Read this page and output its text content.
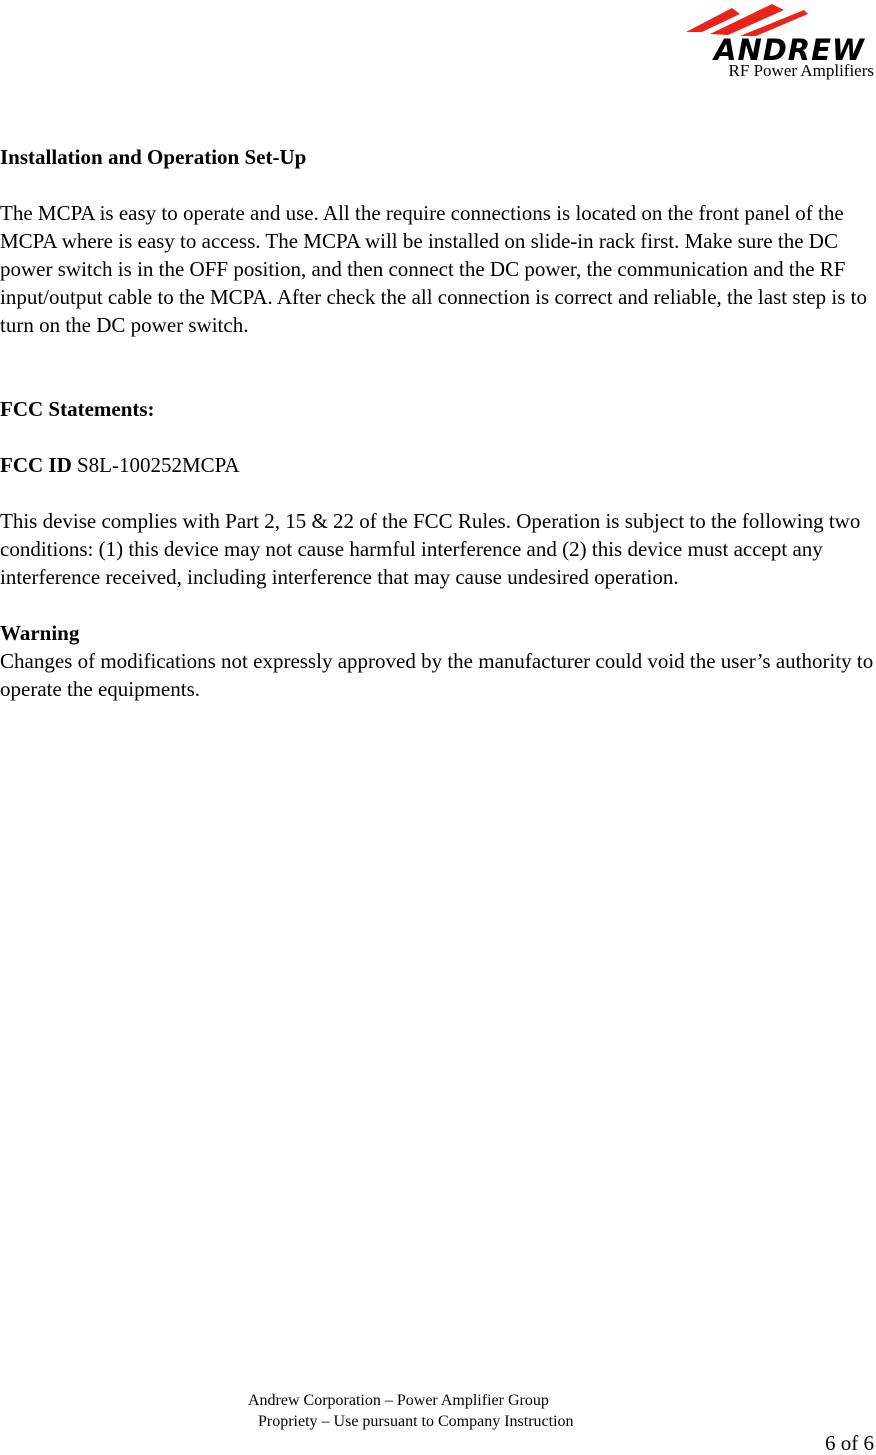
ANDREW
RF Power Amplifiers

Installation and Operation Set-Up

The MCPA is easy to operate and use. All the require connections is located on the front panel of the MCPA where is easy to access. The MCPA will be installed on slide-in rack first. Make sure the DC power switch is in the OFF position, and then connect the DC power, the communication and the RF input/output cable to the MCPA. After check the all connection is correct and reliable, the last step is to turn on the DC power switch.

FCC Statements:

FCC ID S8L-100252MCPA

This devise complies with Part 2, 15 & 22 of the FCC Rules. Operation is subject to the following two conditions: (1) this device may not cause harmful interference and (2) this device must accept any interference received, including interference that may cause undesired operation.

Warning

Changes of modifications not expressly approved by the manufacturer could void the user’s authority to operate the equipments.

Andrew Corporation – Power Amplifier Group
Propriety – Use pursuant to Company Instruction
6 of 6
